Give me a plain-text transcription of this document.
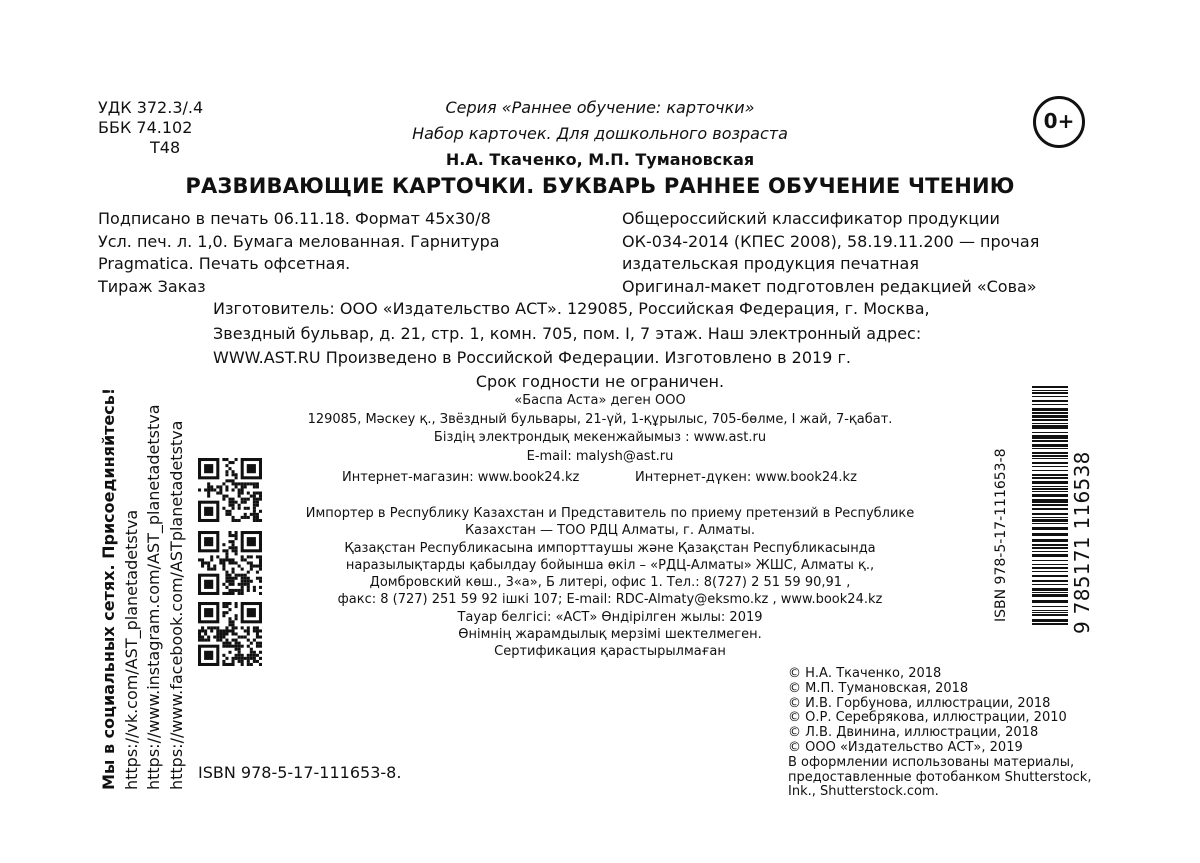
УДК 372.3/.4
ББК 74.102
Т48
0+
Серия «Раннее обучение: карточки»
Набор карточек. Для дошкольного возраста
Н.А. Ткаченко, М.П. Тумановская
РАЗВИВАЮЩИЕ КАРТОЧКИ. БУКВАРЬ РАННЕЕ ОБУЧЕНИЕ ЧТЕНИЮ
Подписано в печать 06.11.18. Формат 45х30/8
Усл. печ. л. 1,0. Бумага мелованная. Гарнитура
Pragmatica. Печать офсетная.
Тираж Заказ
Общероссийский классификатор продукции
ОК-034-2014 (КПЕС 2008), 58.19.11.200 — прочая
издательская продукция печатная
Оригинал-макет подготовлен редакцией «Сова»
Изготовитель: ООО «Издательство АСТ». 129085, Российская Федерация, г. Москва,
Звездный бульвар, д. 21, стр. 1, комн. 705, пом. I, 7 этаж. Наш электронный адрес:
WWW.AST.RU Произведено в Российской Федерации. Изготовлено в 2019 г.
Срок годности не ограничен.
«Баспа Аста» деген ООО
129085, Мәскеу қ., Звёздный бульвары, 21-үй, 1-құрылыс, 705-бөлме, I жай, 7-қабат.
Біздің электрондық мекенжайымыз : www.ast.ru
E-mail: malysh@ast.ru
Интернет-магазин: www.book24.kz	Интернет-дүкен: www.book24.kz
Импортер в Республику Казахстан и Представитель по приему претензий в Республике
Казахстан — ТОО РДЦ Алматы, г. Алматы.
Қазақстан Республикасына импорттаушы және Қазақстан Республикасында
наразылықтарды қабылдау бойынша өкіл – «РДЦ-Алматы» ЖШС, Алматы қ.,
Домбровский көш., 3«а», Б литері, офис 1. Тел.: 8(727) 2 51 59 90,91 ,
факс: 8 (727) 251 59 92 ішкі 107; E-mail: RDC-Almaty@eksmo.kz , www.book24.kz
Тауар белгісі: «АСТ» Өндірілген жылы: 2019
Өнімнің жарамдылық мерзімі шектелмеген.
Сертификация қарастырылмаған
© Н.А. Ткаченко, 2018
© М.П. Тумановская, 2018
© И.В. Горбунова, иллюстрации, 2018
© О.Р. Серебрякова, иллюстрации, 2010
© Л.В. Двинина, иллюстрации, 2018
© ООО «Издательство АСТ», 2019
В оформлении использованы материалы,
предоставленные фотобанком Shutterstock,
Ink., Shutterstock.com.
Мы в социальных сетях. Присоединяйтесь! https://vk.com/AST_planetadetstva https://www.instagram.com/AST_planetadetstva https://www.facebook.com/ASTplanetadetstva ISBN 978-5-17-111653-8.
ISBN 978-5-17-111653-8	9 785171 116538
